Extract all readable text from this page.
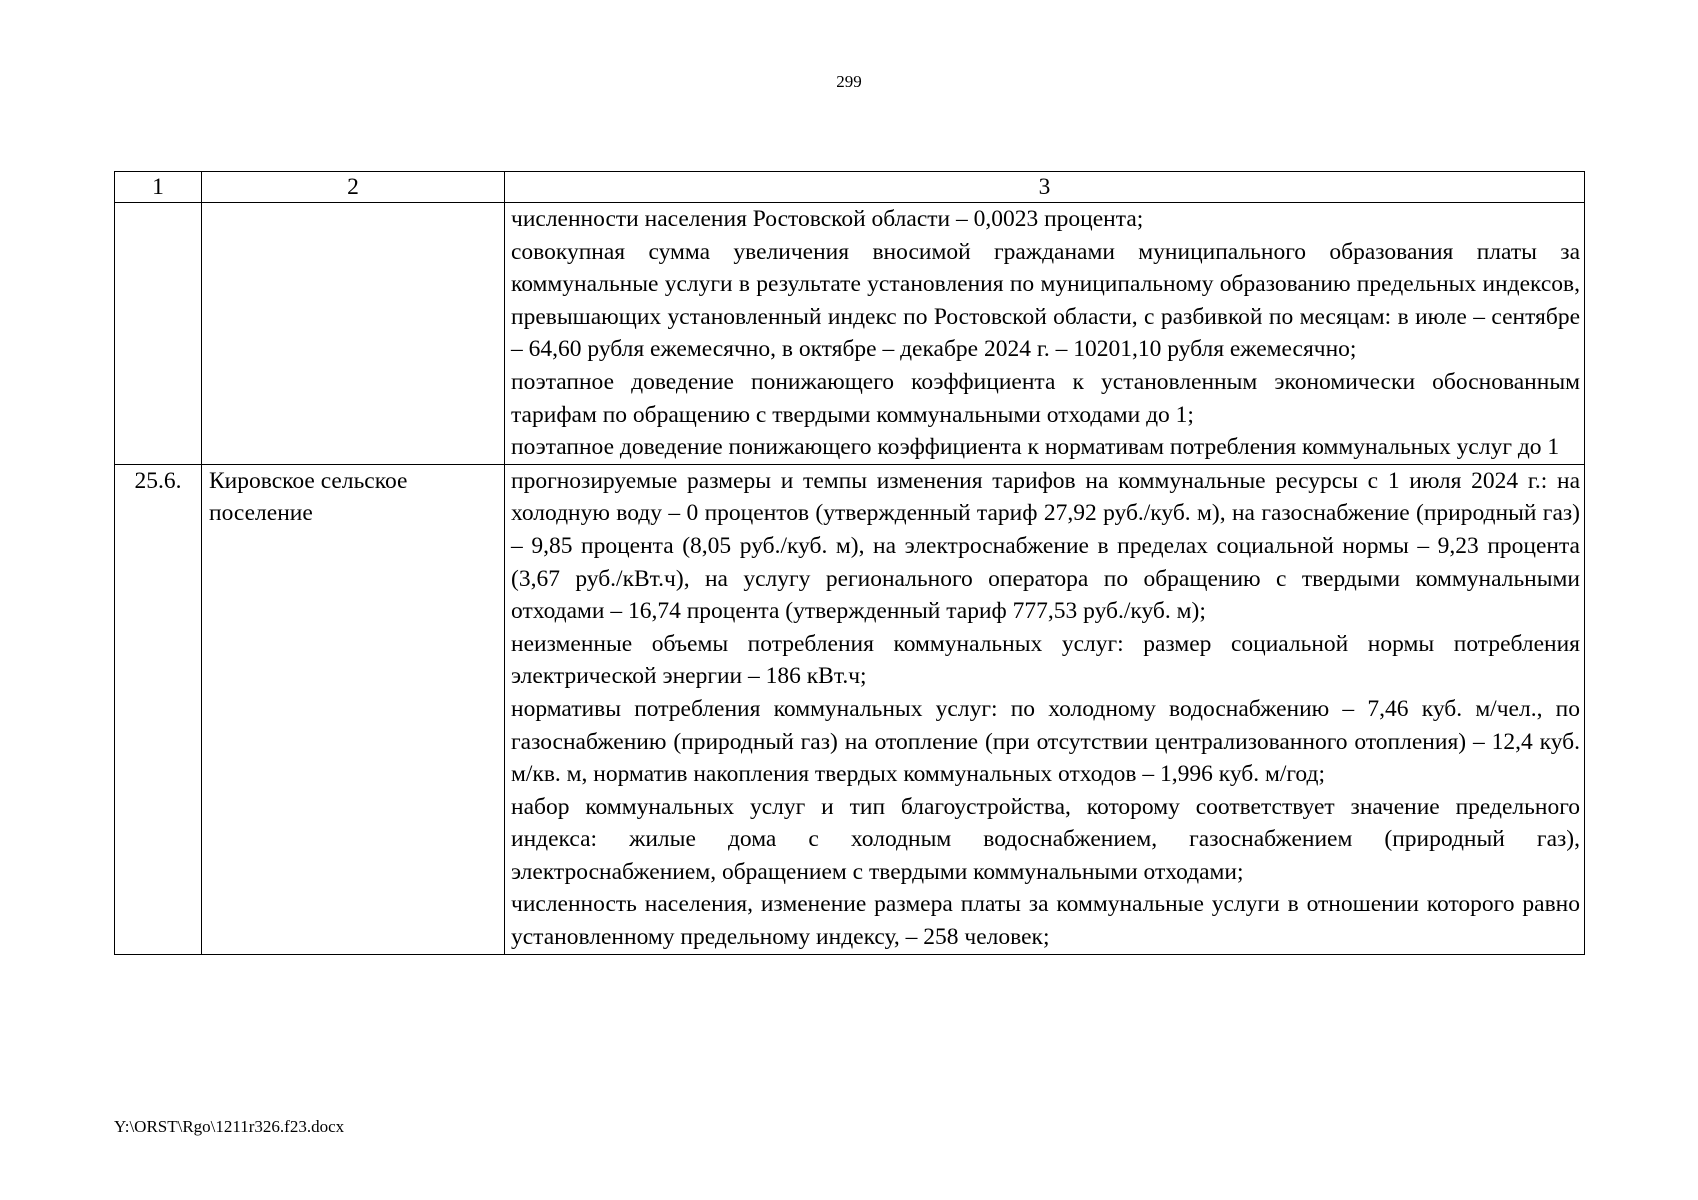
299
1	2	3

		численности населения Ростовской области – 0,0023 процента;
совокупная сумма увеличения вносимой гражданами муниципального образования платы за коммунальные услуги в результате установления по муниципальному образованию предельных индексов, превышающих установленный индекс по Ростовской области, с разбивкой по месяцам: в июле – сентябре – 64,60 рубля ежемесячно, в октябре – декабре 2024 г. – 10201,10 рубля ежемесячно;
поэтапное доведение понижающего коэффициента к установленным экономически обоснованным тарифам по обращению с твердыми коммунальными отходами до 1;
поэтапное доведение понижающего коэффициента к нормативам потребления коммунальных услуг до 1

25.6.	Кировское сельское поселение	прогнозируемые размеры и темпы изменения тарифов на коммунальные ресурсы с 1 июля 2024 г.: на холодную воду – 0 процентов (утвержденный тариф 27,92 руб./куб. м), на газоснабжение (природный газ) – 9,85 процента (8,05 руб./куб. м), на электроснабжение в пределах социальной нормы – 9,23 процента (3,67 руб./кВт.ч), на услугу регионального оператора по обращению с твердыми коммунальными отходами – 16,74 процента (утвержденный тариф 777,53 руб./куб. м);
неизменные объемы потребления коммунальных услуг: размер социальной нормы потребления электрической энергии – 186 кВт.ч;
нормативы потребления коммунальных услуг: по холодному водоснабжению – 7,46 куб. м/чел., по газоснабжению (природный газ) на отопление (при отсутствии централизованного отопления) – 12,4 куб. м/кв. м, норматив накопления твердых коммунальных отходов – 1,996 куб. м/год;
набор коммунальных услуг и тип благоустройства, которому соответствует значение предельного индекса: жилые дома с холодным водоснабжением, газоснабжением (природный газ), электроснабжением, обращением с твердыми коммунальными отходами;
численность населения, изменение размера платы за коммунальные услуги в отношении которого равно установленному предельному индексу, – 258 человек;
Y:\ORST\Rgo\1211r326.f23.docx
